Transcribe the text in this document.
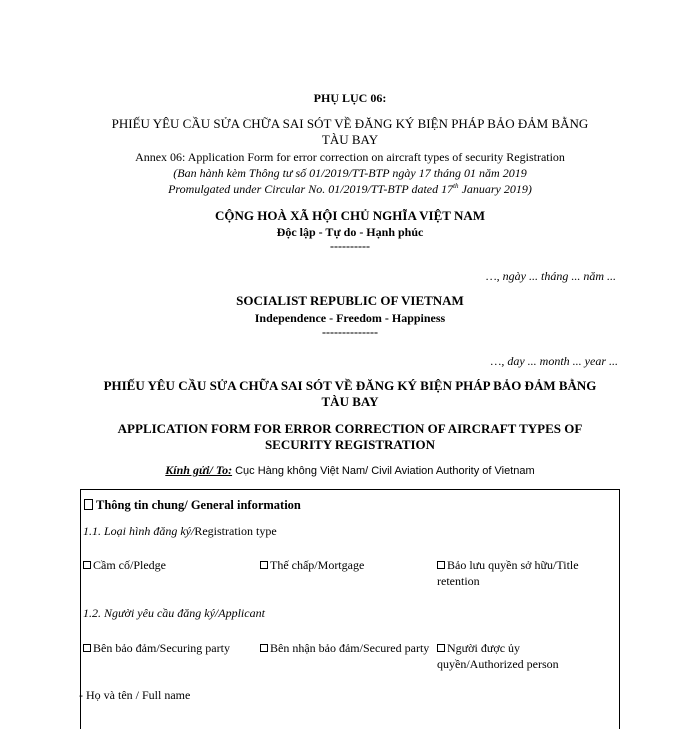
PHỤ LỤC 06:
PHIẾU YÊU CẦU SỬA CHỮA SAI SÓT VỀ ĐĂNG KÝ BIỆN PHÁP BẢO ĐẢM BẰNG
TÀU BAY
Annex 06: Application Form for error correction on aircraft types of security Registration
(Ban hành kèm Thông tư số 01/2019/TT-BTP ngày 17 tháng 01 năm 2019
Promulgated under Circular No. 01/2019/TT-BTP dated 17th January 2019)
CỘNG HOÀ XÃ HỘI CHỦ NGHĨA VIỆT NAM
Độc lập - Tự do - Hạnh phúc
----------
…, ngày ... tháng ... năm ...
SOCIALIST REPUBLIC OF VIETNAM
Independence - Freedom - Happiness
--------------
…, day ... month ... year ...
PHIẾU YÊU CẦU SỬA CHỮA SAI SÓT VỀ ĐĂNG KÝ BIỆN PHÁP BẢO ĐẢM BẰNG
TÀU BAY
APPLICATION FORM FOR ERROR CORRECTION OF AIRCRAFT TYPES OF
SECURITY REGISTRATION
Kính gửi/ To: Cục Hàng không Việt Nam/ Civil Aviation Authority of Vietnam
Thông tin chung/ General information
1.1. Loại hình đăng ký/Registration type
Cầm cố/Pledge	Thế chấp/Mortgage	Bảo lưu quyền sở hữu/Title retention
1.2. Người yêu cầu đăng ký/Applicant
Bên bảo đảm/Securing party	Bên nhận bảo đảm/Secured party	Người được ủy quyền/Authorized person
- Họ và tên / Full name
